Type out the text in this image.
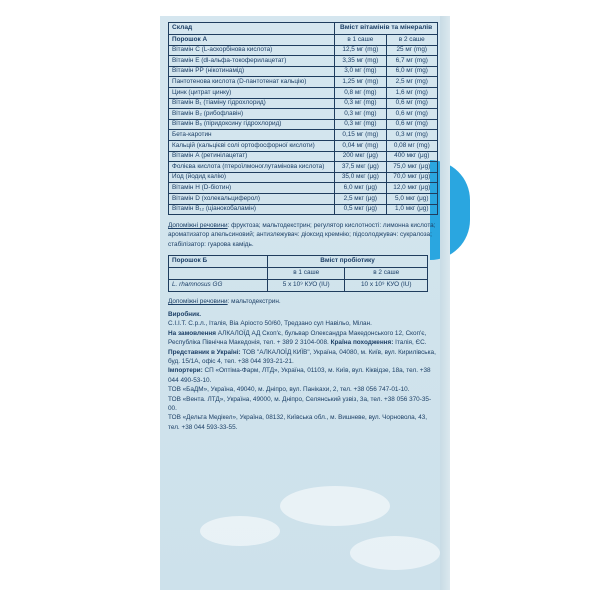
Склад	Вміст вітамінів та мінералів	
Порошок А	в 1 саше	в 2 саше
Вітамін С (L-аскорбінова кислота)	12,5 мг (mg)	25 мг (mg)
Вітамін Е (dl-альфа-токоферилацетат)	3,35 мг (mg)	6,7 мг (mg)
Вітамін РР (нікотинамід)	3,0 мг (mg)	6,0 мг (mg)
Пантотенова кислота (D-пантотенат кальцію)	1,25 мг (mg)	2,5 мг (mg)
Цинк (цитрат цинку)	0,8 мг (mg)	1,6 мг (mg)
Вітамін B₁ (тіаміну гідрохлорид)	0,3 мг (mg)	0,6 мг (mg)
Вітамін B₂ (рибофлавін)	0,3 мг (mg)	0,6 мг (mg)
Вітамін B₆ (піридоксину гідрохлорид)	0,3 мг (mg)	0,6 мг (mg)
Бета-каротин	0,15 мг (mg)	0,3 мг (mg)
Кальцій (кальцієві солі ортофосфорної кислоти)	0,04 мг (mg)	0,08 мг (mg)
Вітамін А (ретинілацетат)	200 мкг (μg)	400 мкг (μg)
Фолієва кислота (птероїлмоноглутамінова кислота)	37,5 мкг (μg)	75,0 мкг (μg)
Йод (йодид калію)	35,0 мкг (μg)	70,0 мкг (μg)
Вітамін H (D-біотин)	6,0 мкг (μg)	12,0 мкг (μg)
Вітамін D (холекальциферол)	2,5 мкг (μg)	5,0 мкг (μg)
Вітамін B₁₂ (ціанокобаламін)	0,5 мкг (μg)	1,0 мкг (μg)
Допоміжні речовини: фруктоза; мальтодекстрин; регулятор кислотності: лимонна кислота; ароматизатор апельсиновий; антизлежувач: діоксид кремнію; підсолоджувач: сукралоза; стабілізатор: гуарова камідь.
Порошок Б	Вміст пробіотику	
	в 1 саше	в 2 саше
L. rhamnosus GG	5 х 10⁹ КУО (IU)	10 х 10⁹ КУО (IU)
Допоміжні речовини: мальтодекстрин.

Виробник.

C.I.I.T. С.р.л., Італія, Віа Аріосто 50/60, Тредзано сул Навільо, Мілан.

На замовлення АЛКАЛОЇД АД Скоп'є, бульвар Олександра Македонського 12, Скоп'є, Республіка Північна Македонія, тел. + 389 2 3104-008. Країна походження: Італія, ЄС.

Представник в Україні: ТОВ "АЛКАЛОЇД КИЇВ", Україна, 04080, м. Київ, вул. Кирилівська, буд. 15/1А, офіс 4, тел. +38 044 393-21-21.

Імпортери: СП «Оптіма-Фарм, ЛТД», Україна, 01103, м. Київ, вул. Кіквідзе, 18а, тел. +38 044 490-53-10.

ТОВ «БаДМ», Україна, 49040, м. Дніпро, вул. Панікахи, 2, тел. +38 056 747-01-10.

ТОВ «Вента. ЛТД», Україна, 49000, м. Дніпро, Селянський узвіз, 3а, тел. +38 056 370-35-00.

ТОВ «Дельта Медікел», Україна, 08132, Київська обл., м. Вишневе, вул. Чорновола, 43, тел. +38 044 593-33-55.
